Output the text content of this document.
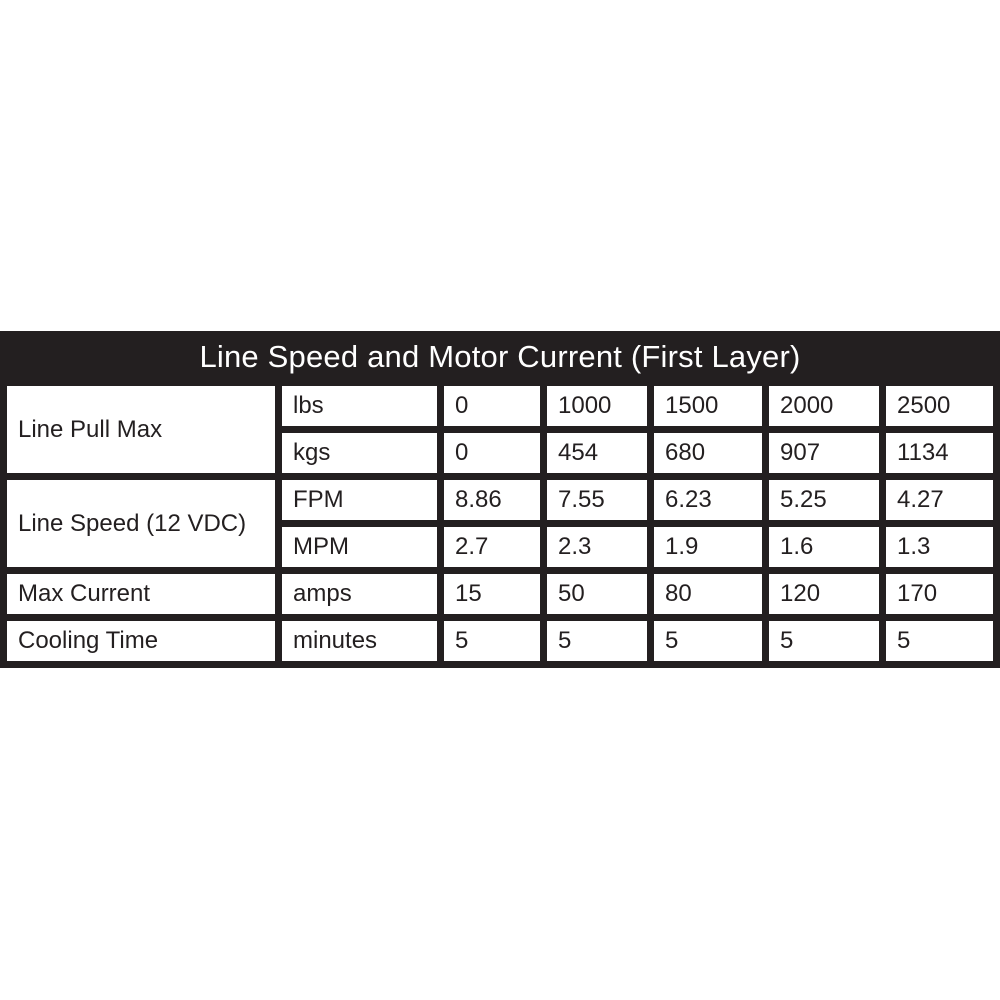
Line Speed and Motor Current (First Layer)
Line Pull Max	lbs	0	1000	1500	2000	2500
	kgs	0	454	680	907	1134
Line Speed (12 VDC)	FPM	8.86	7.55	6.23	5.25	4.27
	MPM	2.7	2.3	1.9	1.6	1.3
Max Current	amps	15	50	80	120	170
Cooling Time	minutes	5	5	5	5	5
